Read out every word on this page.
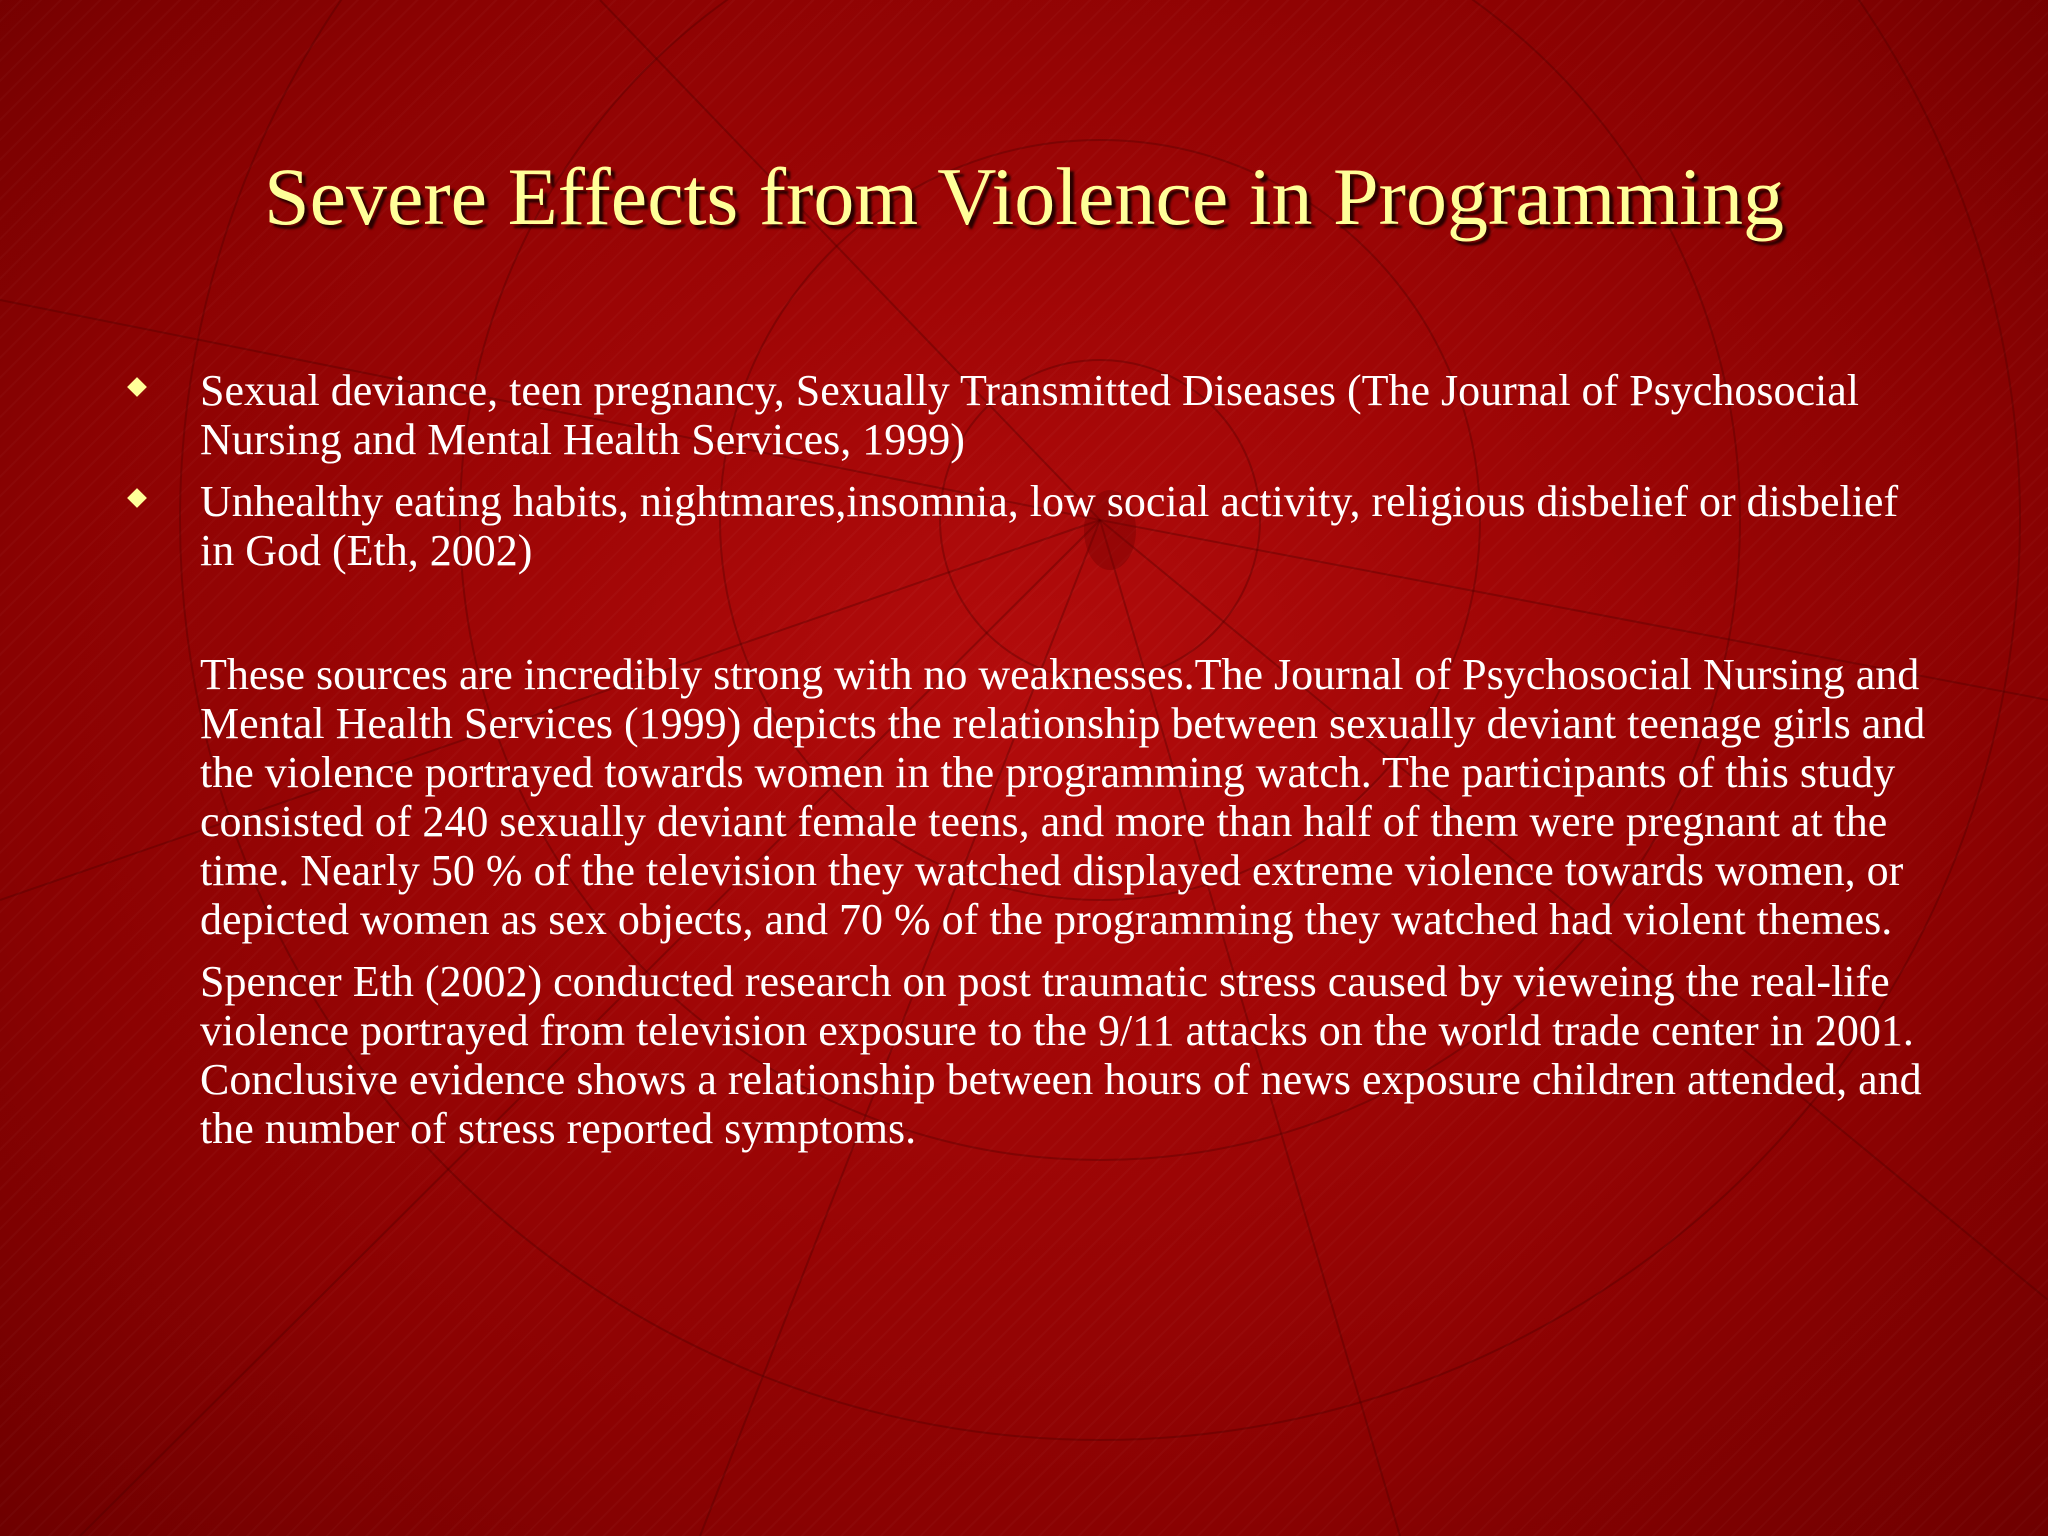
Severe Effects from Violence in Programming
Sexual deviance, teen pregnancy, Sexually Transmitted Diseases (The Journal of Psychosocial Nursing and Mental Health Services, 1999)
Unhealthy eating habits, nightmares,insomnia, low social activity, religious disbelief or disbelief in God (Eth, 2002)
These sources are incredibly strong with no weaknesses.The Journal of Psychosocial Nursing and Mental Health Services (1999) depicts the relationship between sexually deviant teenage girls and the violence portrayed towards women in the programming watch. The participants of this study consisted of 240 sexually deviant female teens, and more than half of them were pregnant at the time. Nearly 50 % of the television they watched displayed extreme violence towards women, or depicted women as sex objects, and 70 % of the programming they watched had violent themes.
Spencer Eth (2002) conducted research on post traumatic stress caused by vieweing the real-life violence portrayed from television exposure to the 9/11 attacks on the world trade center in 2001. Conclusive evidence shows a relationship between hours of news exposure children attended, and the number of stress reported symptoms.
